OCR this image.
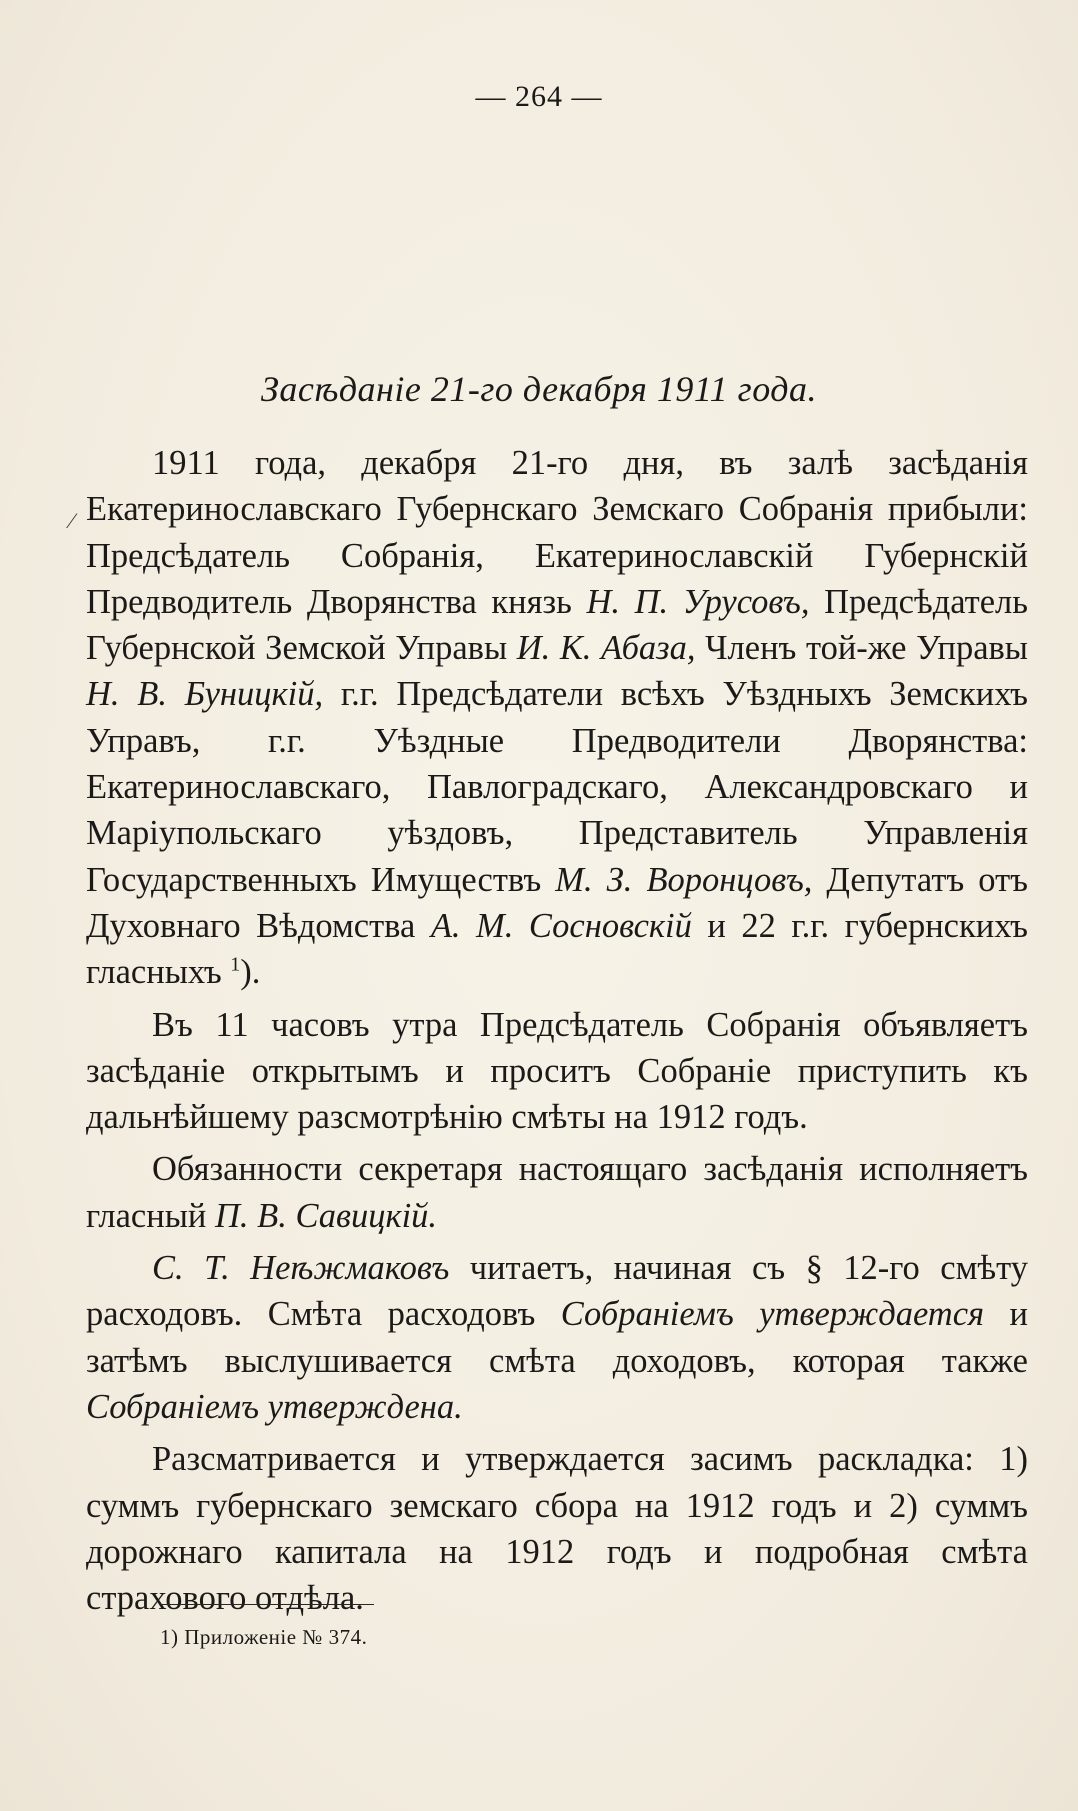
⁄
— 264 —
Засѣданіе 21-го декабря 1911 года.

1911 года, декабря 21-го дня, въ залѣ засѣданія Екатеринославскаго Губернскаго Земскаго Собранія прибыли: Предсѣдатель Собранія, Екатеринославскій Губернскій Предводитель Дворянства князь Н. П. Урусовъ, Предсѣдатель Губернской Земской Управы И. К. Абаза, Членъ той-же Управы Н. В. Буницкій, г.г. Предсѣдатели всѣхъ Уѣздныхъ Земскихъ Управъ, г.г. Уѣздные Предводители Дворянства: Екатеринославскаго, Павлоградскаго, Александровскаго и Маріупольскаго уѣздовъ, Представитель Управленія Государственныхъ Имуществъ М. З. Воронцовъ, Депутатъ отъ Духовнаго Вѣдомства А. М. Сосновскій и 22 г.г. губернскихъ гласныхъ $^1$).

Въ 11 часовъ утра Предсѣдатель Собранія объявляетъ засѣданіе открытымъ и проситъ Собраніе приступить къ дальнѣйшему разсмотрѣнію смѣты на 1912 годъ.

Обязанности секретаря настоящаго засѣданія исполняетъ гласный П. В. Савицкій.

С. Т. Неѣжмаковъ читаетъ, начиная съ § 12-го смѣту расходовъ. Смѣта расходовъ Собраніемъ утверждается и затѣмъ выслушивается смѣта доходовъ, которая также Собраніемъ утверждена.

Разсматривается и утверждается засимъ раскладка: 1) суммъ губернскаго земскаго сбора на 1912 годъ и 2) суммъ дорожнаго капитала на 1912 годъ и подробная смѣта страхового отдѣла.

1) Приложеніе № 374.
